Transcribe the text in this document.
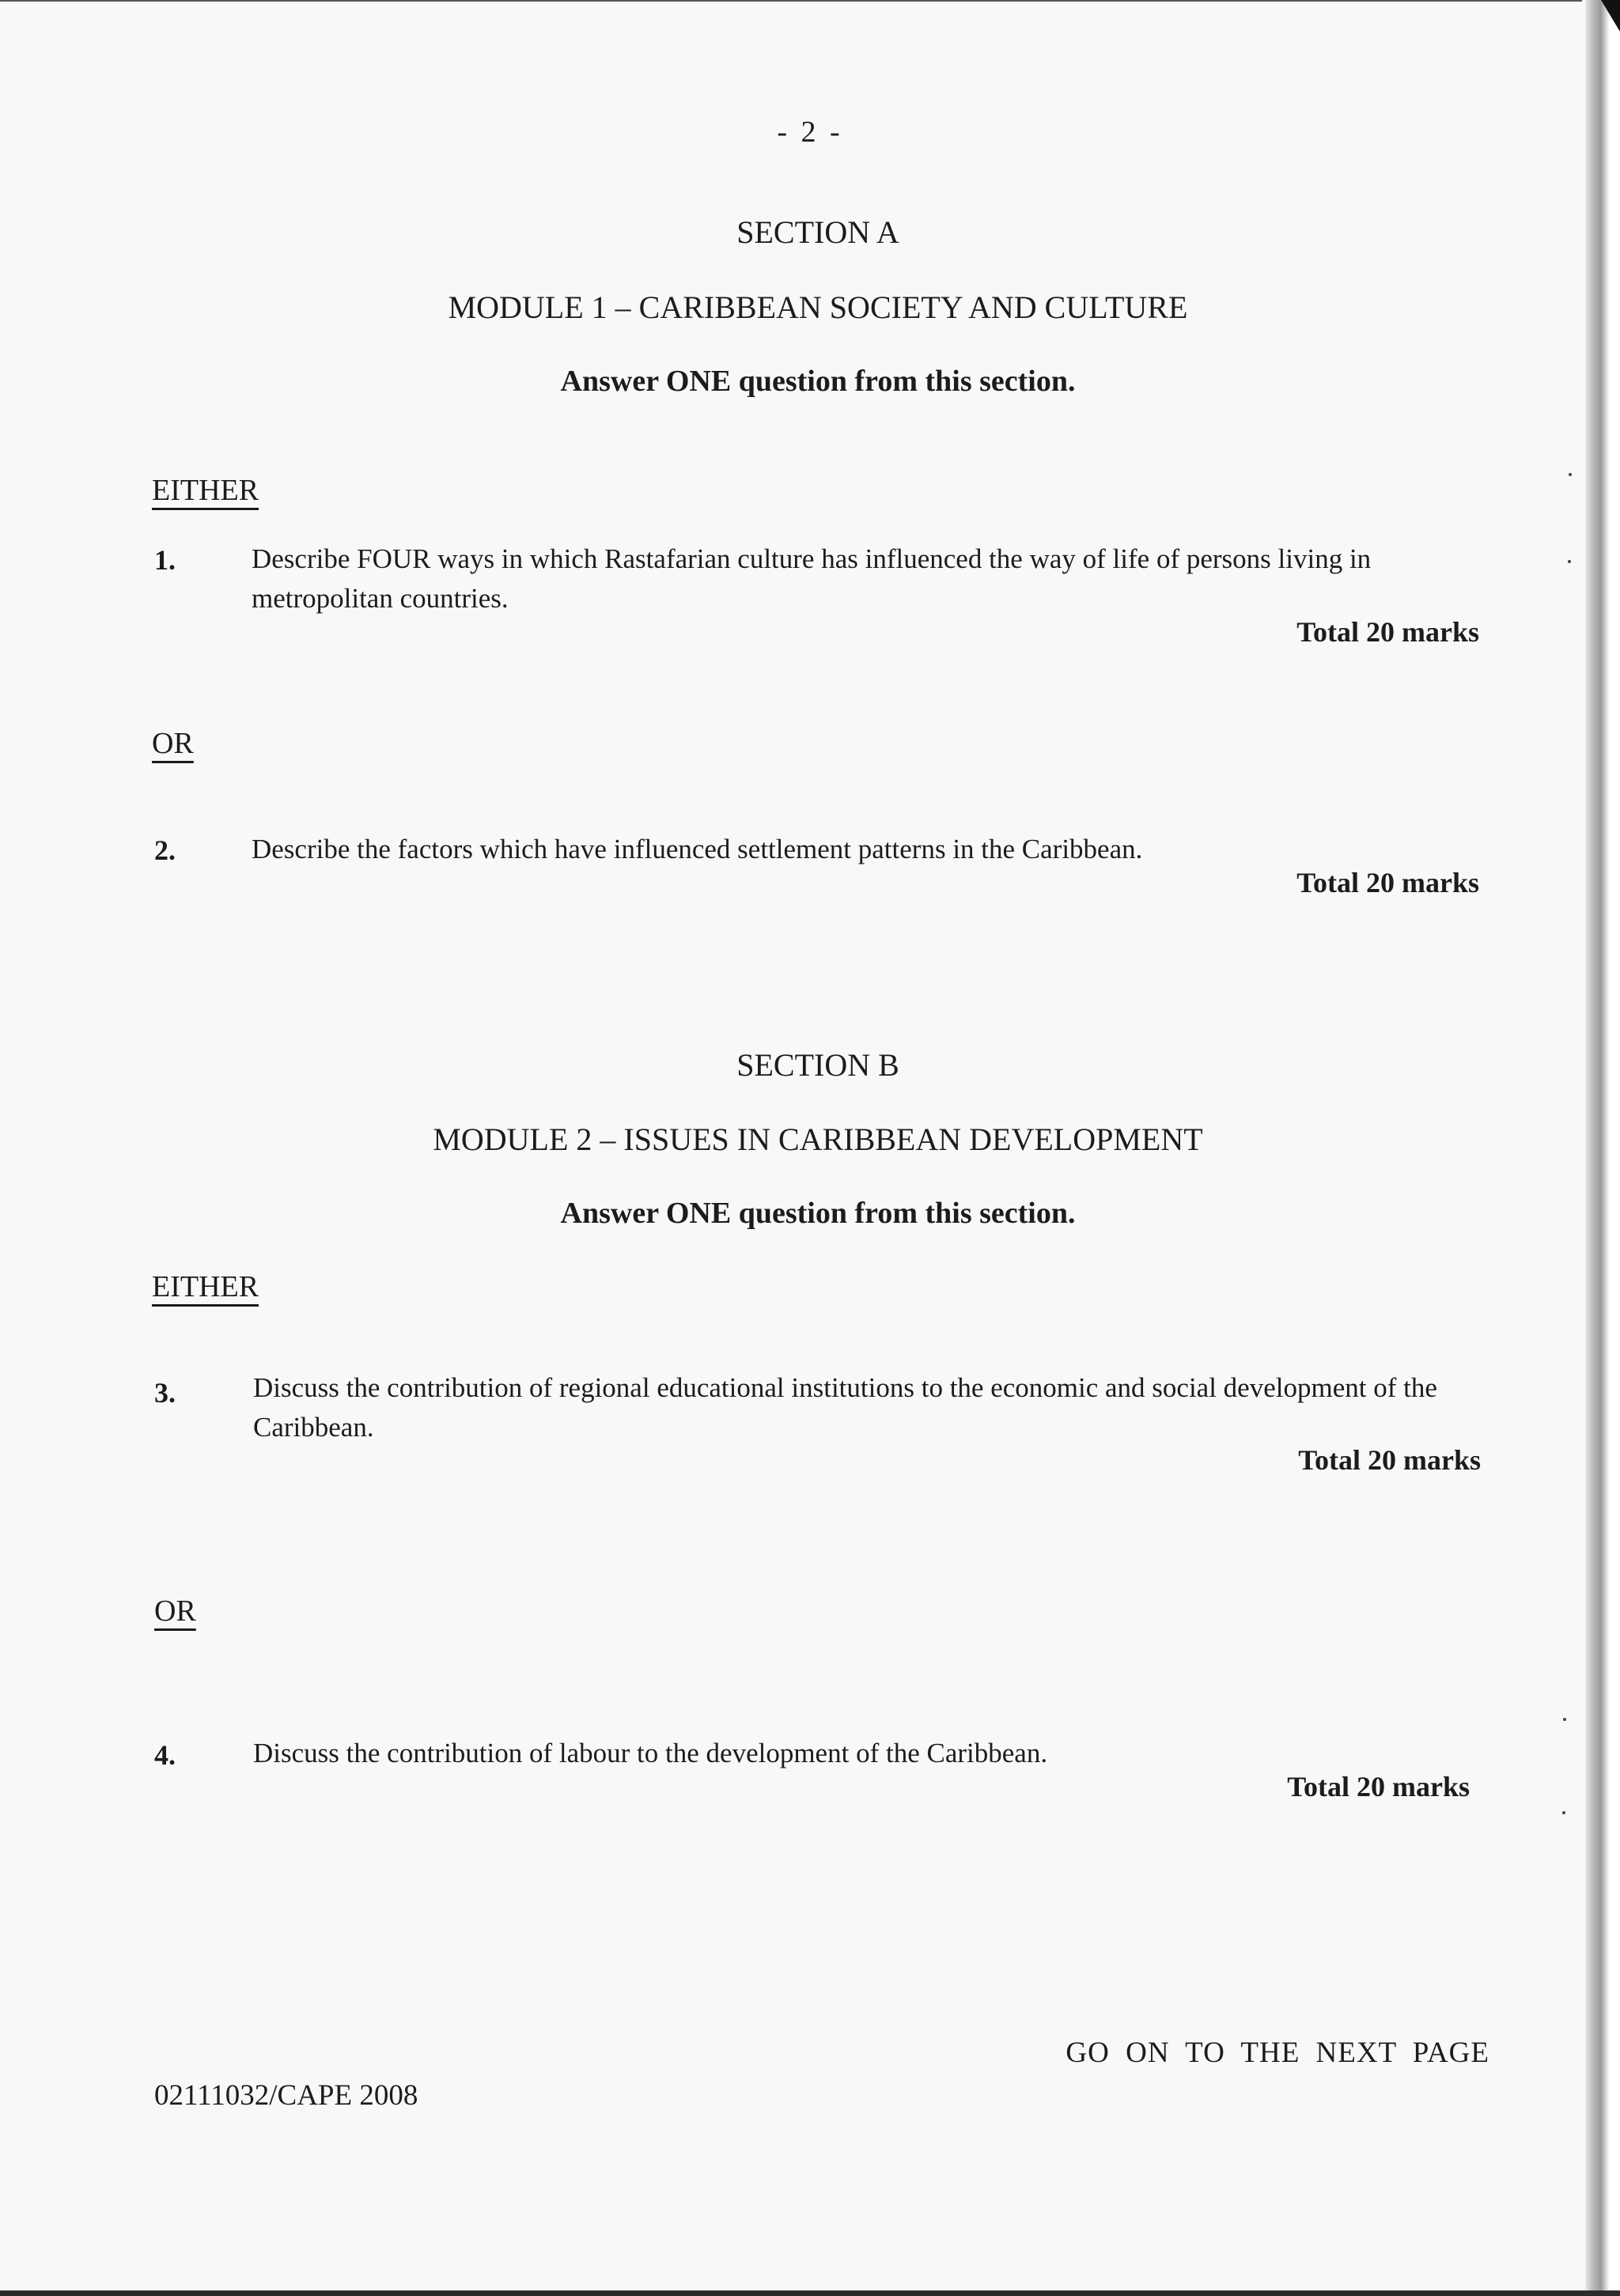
- 2 -
SECTION A
MODULE 1 – CARIBBEAN SOCIETY AND CULTURE
Answer ONE question from this section.
EITHER
1.	Describe FOUR ways in which Rastafarian culture has influenced the way of life of persons living in metropolitan countries.
Total 20 marks
OR
2.	Describe the factors which have influenced settlement patterns in the Caribbean.
Total 20 marks
SECTION B
MODULE 2 – ISSUES IN CARIBBEAN DEVELOPMENT
Answer ONE question from this section.
EITHER
3.	Discuss the contribution of regional educational institutions to the economic and social development of the Caribbean.
Total 20 marks
OR
4.	Discuss the contribution of labour to the development of the Caribbean.
Total 20 marks
GO ON TO THE NEXT PAGE
02111032/CAPE 2008
